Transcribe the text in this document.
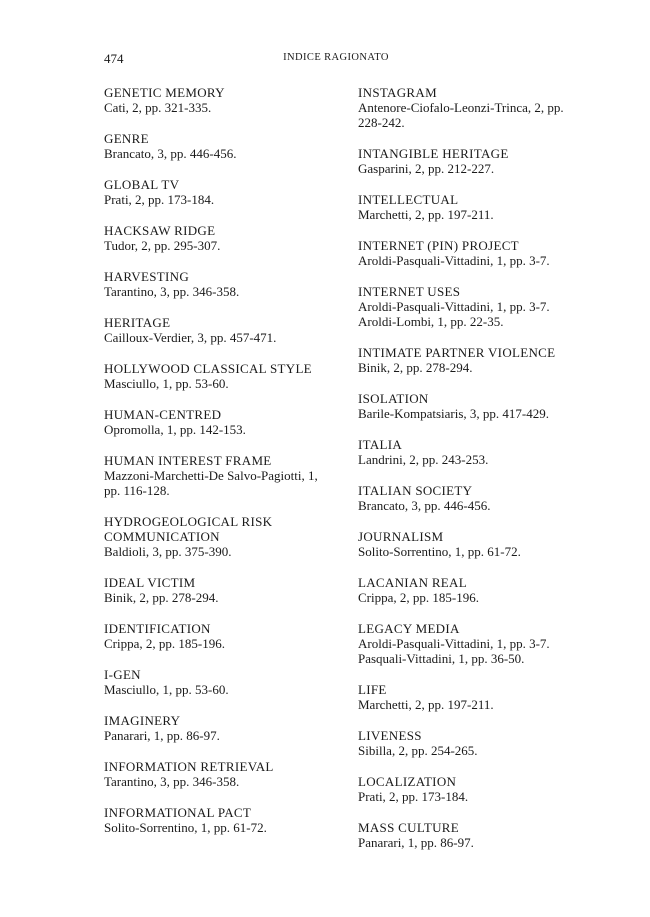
474	INDICE RAGIONATO
GENETIC MEMORY
Cati, 2, pp. 321-335.
GENRE
Brancato, 3, pp. 446-456.
GLOBAL TV
Prati, 2, pp. 173-184.
HACKSAW RIDGE
Tudor, 2, pp. 295-307.
HARVESTING
Tarantino, 3, pp. 346-358.
HERITAGE
Cailloux-Verdier, 3, pp. 457-471.
HOLLYWOOD CLASSICAL STYLE
Masciullo, 1, pp. 53-60.
HUMAN-CENTRED
Opromolla, 1, pp. 142-153.
HUMAN INTEREST FRAME
Mazzoni-Marchetti-De Salvo-Pagiotti, 1, pp. 116-128.
HYDROGEOLOGICAL RISK COMMUNICATION
Baldioli, 3, pp. 375-390.
IDEAL VICTIM
Binik, 2, pp. 278-294.
IDENTIFICATION
Crippa, 2, pp. 185-196.
I-GEN
Masciullo, 1, pp. 53-60.
IMAGINERY
Panarari, 1, pp. 86-97.
INFORMATION RETRIEVAL
Tarantino, 3, pp. 346-358.
INFORMATIONAL PACT
Solito-Sorrentino, 1, pp. 61-72.
INSTAGRAM
Antenore-Ciofalo-Leonzi-Trinca, 2, pp. 228-242.
INTANGIBLE HERITAGE
Gasparini, 2, pp. 212-227.
INTELLECTUAL
Marchetti, 2, pp. 197-211.
INTERNET (PIN) PROJECT
Aroldi-Pasquali-Vittadini, 1, pp. 3-7.
INTERNET USES
Aroldi-Pasquali-Vittadini, 1, pp. 3-7.
Aroldi-Lombi, 1, pp. 22-35.
INTIMATE PARTNER VIOLENCE
Binik, 2, pp. 278-294.
ISOLATION
Barile-Kompatsiaris, 3, pp. 417-429.
ITALIA
Landrini, 2, pp. 243-253.
ITALIAN SOCIETY
Brancato, 3, pp. 446-456.
JOURNALISM
Solito-Sorrentino, 1, pp. 61-72.
LACANIAN REAL
Crippa, 2, pp. 185-196.
LEGACY MEDIA
Aroldi-Pasquali-Vittadini, 1, pp. 3-7.
Pasquali-Vittadini, 1, pp. 36-50.
LIFE
Marchetti, 2, pp. 197-211.
LIVENESS
Sibilla, 2, pp. 254-265.
LOCALIZATION
Prati, 2, pp. 173-184.
MASS CULTURE
Panarari, 1, pp. 86-97.
